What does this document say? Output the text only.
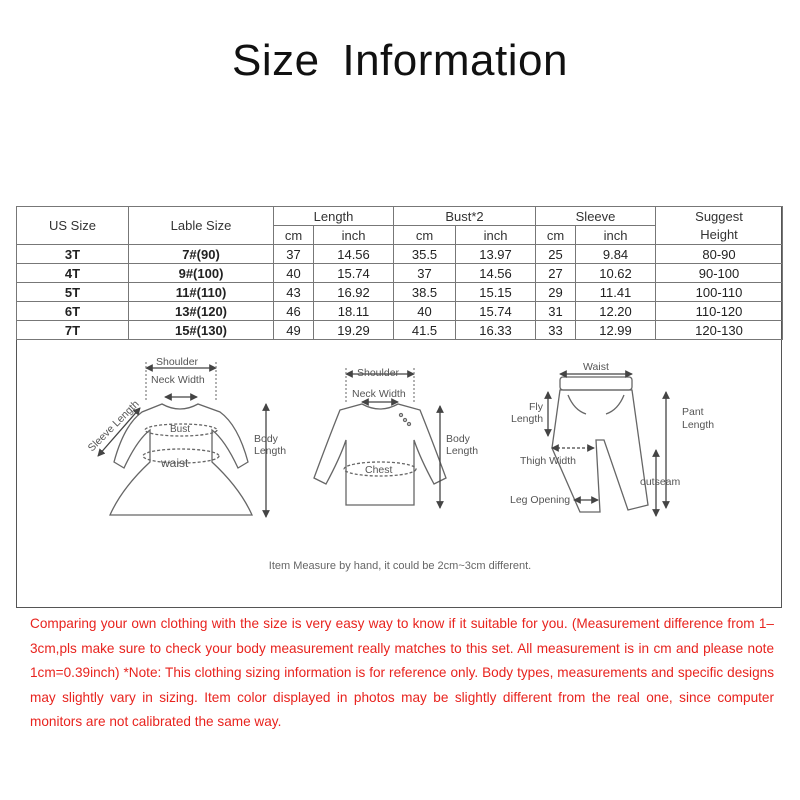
Size Information
US Size	Lable Size	Length		Bust*2		Sleeve		Suggest
Height

		cm	inch	cm	inch	cm	inch	
3T	7#(90)	37	14.56	35.5	13.97	25	9.84	80-90
4T	9#(100)	40	15.74	37	14.56	27	10.62	90-100
5T	11#(110)	43	16.92	38.5	15.15	29	11.41	100-110
6T	13#(120)	46	18.11	40	15.74	31	12.20	110-120
7T	15#(130)	49	19.29	41.5	16.33	33	12.99	120-130
Shoulder
Neck Width
Sleeve Length	Bust
waist
Body
Length
Shoulder
Neck Width
Chest
Body
Length
Waist
Fly
Length
Pant
Length
Thigh Width
outseam
Leg Opening
Item Measure by hand, it could be 2cm~3cm different.
Comparing your own clothing with the size is very easy way to know if it suitable for you. (Measurement difference from 1– 3cm,pls make sure to check your body measurement really matches to this set. All measurement is in cm and please note 1cm=0.39inch) *Note: This clothing sizing information is for reference only. Body types, measurements and specific designs may slightly vary in sizing. Item color displayed in photos may be slightly different from the real one, since computer monitors are not calibrated the same way.
